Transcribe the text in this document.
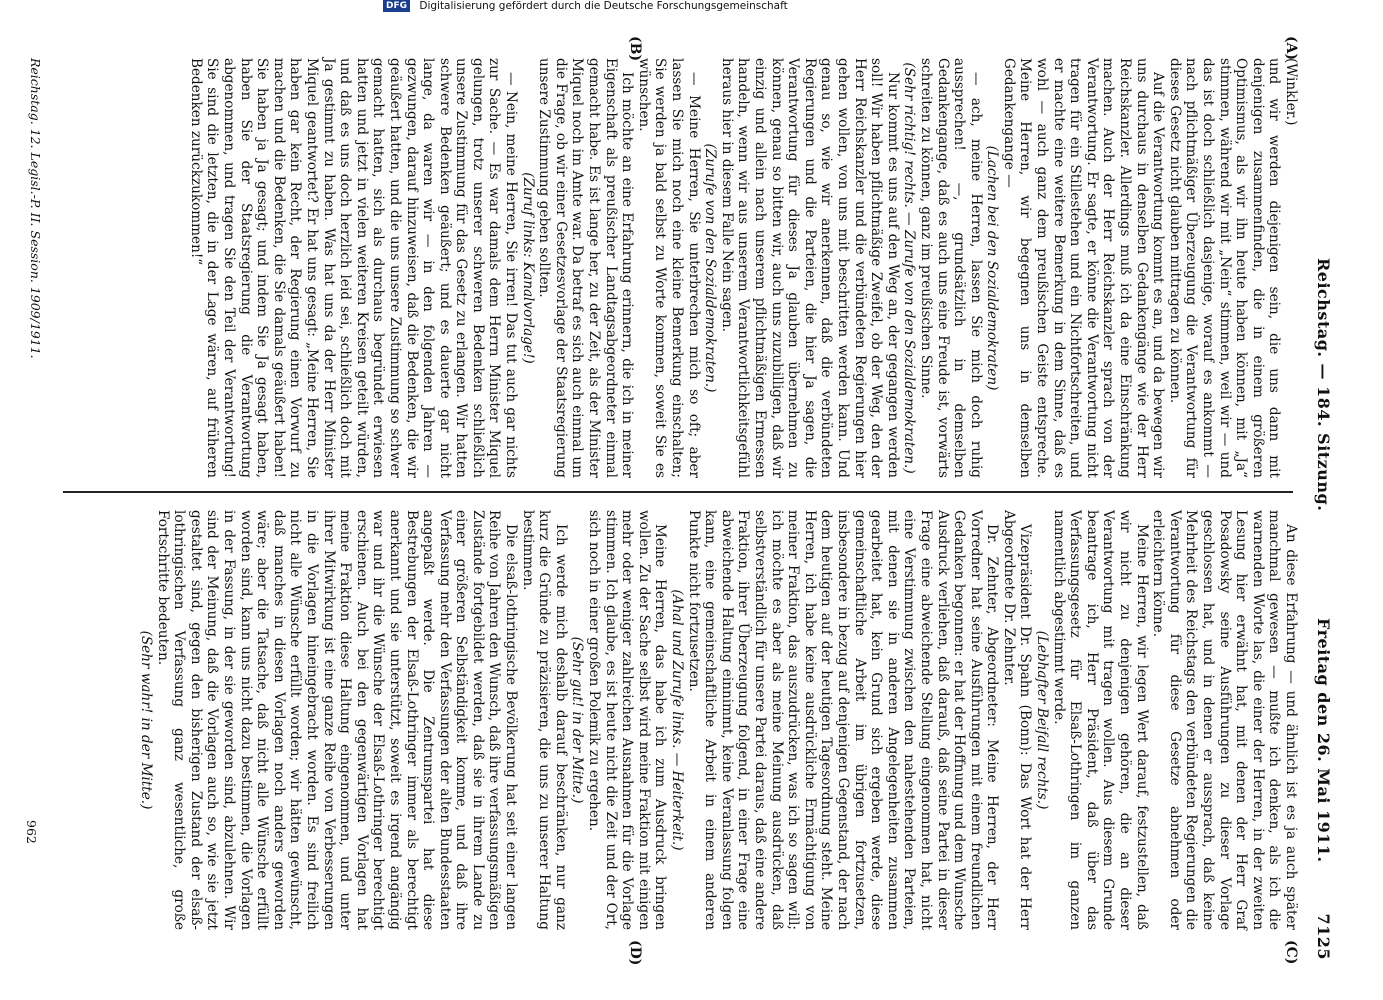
Reichstag. — 184. Sitzung.
Freitag den 26. Mai 1911.
7125
(A)
(B)
(C)
(D)

(Winkler.)

und wir werden diejenigen sein, die uns dann mit denjenigen zusammenfinden, die in einem größeren Optimismus, als wir ihn heute haben können, mit „Ja“ stimmen, während wir mit „Nein“ stimmen, weil wir — und das ist doch schließlich dasjenige, worauf es ankommt — nach pflichtmäßiger Überzeugung die Verantwortung für dieses Gesetz nicht glauben mittragen zu können.

Auf die Verantwortung kommt es an, und da bewegen wir uns durchaus in denselben Gedankengänge wie der Herr Reichskanzler. Allerdings muß ich da eine Einschränkung machen. Auch der Herr Reichskanzler sprach von der Verantwortung. Er sagte, er könne die Verantwortung nicht tragen für ein Stillestehen und ein Nichtfortschreiten, und er machte eine weitere Bemerkung in dem Sinne, daß es wohl — auch ganz dem preußischen Geiste entspreche. Meine Herren, wir begegnen uns in demselben Gedankengange —

(Lachen bei den Sozialdemokraten)

— ach, meine Herren, lassen Sie mich doch ruhig aussprechen! —, grundsätzlich in demselben Gedankengange, daß es auch uns eine Freude ist, vorwärts schreiten zu können, ganz im preußischen Sinne.

(Sehr richtig! rechts. — Zurufe von den Sozialdemokraten.)

Nur kommt es uns auf den Weg an, der gegangen werden soll! Wir haben pflichtmäßige Zweifel, ob der Weg, den der Herr Reichskanzler und die verbündeten Regierungen hier gehen wollen, von uns mit beschritten werden kann. Und genau so, wie wir anerkennen, daß die verbündeten Regierungen und die Parteien, die hier Ja sagen, die Verantwortung für dieses Ja glauben übernehmen zu können, genau so bitten wir, auch uns zuzubilligen, daß wir einzig und allein nach unserem pflichtmäßigen Ermessen handeln, wenn wir aus unserem Verantwortlichkeitsgefühl heraus hier in diesem Falle Nein sagen.

(Zurufe von den Sozialdemokraten.)

— Meine Herren, Sie unterbrechen mich so oft; aber lassen Sie mich noch eine kleine Bemerkung einschalten; Sie werden ja bald selbst zu Worte kommen, soweit Sie es wünschen.

Ich möchte an eine Erfahrung erinnern, die ich in meiner Eigenschaft als preußischer Landtagsabgeordneter einmal gemacht habe. Es ist lange her, zu der Zeit, als der Minister Miquel noch im Amte war. Da betraf es sich auch einmal um die Frage, ob wir einer Gesetzesvorlage der Staatsregierung unsere Zustimmung geben sollten.

(Zuruf links: Kanalvorlage!)

— Nein, meine Herren, Sie irren! Das tut auch gar nichts zur Sache. — Es war damals dem Herrn Minister Miquel gelungen, trotz unserer schweren Bedenken schließlich unsere Zustimmung für das Gesetz zu erlangen. Wir hatten schwere Bedenken geäußert; und es dauerte gar nicht lange, da waren wir — in den folgenden Jahren — gezwungen, darauf hinzuweisen, daß die Bedenken, die wir geäußert hatten, und die uns unsere Zustimmung so schwer gemacht hatten, sich als durchaus begründet erwiesen hatten und jetzt in vielen weiteren Kreisen geteilt würden, und daß es uns doch herzlich leid sei, schließlich doch mit Ja gestimmt zu haben. Was hat uns da der Herr Minister Miquel geantwortet? Er hat uns gesagt: „Meine Herren, Sie haben gar kein Recht, der Regierung einen Vorwurf zu machen und die Bedenken, die Sie damals geäußert haben! Sie haben ja Ja gesagt; und indem Sie Ja gesagt haben, haben Sie der Staatsregierung die Verantwortung abgenommen, und tragen Sie den Teil der Verantwortung! Sie sind die letzten, die in der Lage wären, auf früheren Bedenken zurückzukommen!“

An diese Erfahrung — und ähnlich ist es ja auch später manchmal gewesen — mußte ich denken, als ich die warnenden Worte las, die einer der Herren, in der zweiten Lesung hier erwähnt hat, mit denen der Herr Graf Posadowsky seine Ausführungen zu dieser Vorlage geschlossen hat, und in denen er aussprach, daß keine Mehrheit des Reichstags den verbündeten Regierungen die Verantwortung für diese Gesetze abnehmen oder erleichtern könne.

Meine Herren, wir legen Wert darauf, festzustellen, daß wir nicht zu denjenigen gehören, die an dieser Verantwortung mit tragen wollen. Aus diesem Grunde beantrage ich, Herr Präsident, daß über das Verfassungsgesetz für Elsaß-Lothringen im ganzen namentlich abgestimmt werde.

(Lebhafter Beifall rechts.)

Vizepräsident Dr. Spahn (Bonn): Das Wort hat der Herr Abgeordnete Dr. Zehnter.

Dr. Zehnter, Abgeordneter: Meine Herren, der Herr Vorredner hat seine Ausführungen mit einem freundlichen Gedanken begonnen: er hat der Hoffnung und dem Wunsche Ausdruck verliehen, daß darauß, daß seine Partei in dieser Frage eine abweichende Stellung eingenommen hat, nicht eine Verstimmung zwischen den nahestehenden Parteien, mit denen sie in anderen Angelegenheiten zusammen gearbeitet hat, kein Grund sich ergeben werde, diese gemeinschaftliche Arbeit im übrigen fortzusetzen, insbesondere in bezug auf denjenigen Gegenstand, der nach dem heutigen auf der heutigen Tagesordnung steht. Meine Herren, ich habe keine ausdrückliche Ermächtigung von meiner Fraktion, das auszudrücken, was ich so sagen will; ich möchte es aber als meine Meinung ausdrücken, daß selbstverständlich für unsere Partei daraus, daß eine andere Fraktion, ihrer Überzeugung folgend, in einer Frage eine abweichende Haltung einnimmt, keine Veranlassung folgen kann, eine gemeinschaftliche Arbeit in einem anderen Punkte nicht fortzusetzen.

(Ahal und Zurufe links. — Heiterkeit.)

Meine Herren, das habe ich zum Ausdruck bringen wollen. Zu der Sache selbst wird meine Fraktion mit einigen mehr oder weniger zahlreichen Ausnahmen für die Vorlage stimmen. Ich glaube, es ist heute nicht die Zeit und der Ort, sich noch in einer großen Polemik zu ergehen.

(Sehr gut! in der Mitte.)

Ich werde mich deshalb darauf beschränken, nur ganz kurz die Gründe zu präzisieren, die uns zu unserer Haltung bestimmen.

Die elsaß-lothringische Bevölkerung hat seit einer langen Reihe von Jahren den Wunsch, daß ihre verfassungsmäßigen Zustände fortgebildet werden, daß sie in ihrem Lande zu einer größeren Selbständigkeit komme, und daß ihre Verfassung mehr den Verfassungen der alten Bundesstaaten angepaßt werde. Die Zentrumspartei hat diese Bestrebungen der Elsaß-Lothringer immer als berechtigt anerkannt und sie unterstützt, soweit es irgend angängig war und ihr die Wünsche der Elsaß-Lothringer berechtigt erschienen. Auch bei den gegenwärtigen Vorlagen hat meine Fraktion diese Haltung eingenommen, und unter ihrer Mitwirkung ist eine ganze Reihe von Verbesserungen in die Vorlagen hineingebracht worden. Es sind freilich nicht alle Wünsche erfüllt worden; wir hätten gewünscht, daß manches in diesen Vorlagen noch anders geworden wäre; aber die Tatsache, daß nicht alle Wünsche erfüllt worden sind, kann uns nicht dazu bestimmen, die Vorlagen in der Fassung, in der sie geworden sind, abzulehnen. Wir sind der Meinung, daß die Vorlagen auch so, wie sie jetzt gestaltet sind, gegen den bisherigen Zustand der elsaß-lothringischen Verfassung ganz wesentliche, große Fortschritte bedeuten.

(Sehr wahr! in der Mitte.)

Reichstag. 12. Legisl.-P. II. Session. 1909/1911.
962
DFG Digitalisierung gefördert durch die Deutsche Forschungsgemeinschaft
